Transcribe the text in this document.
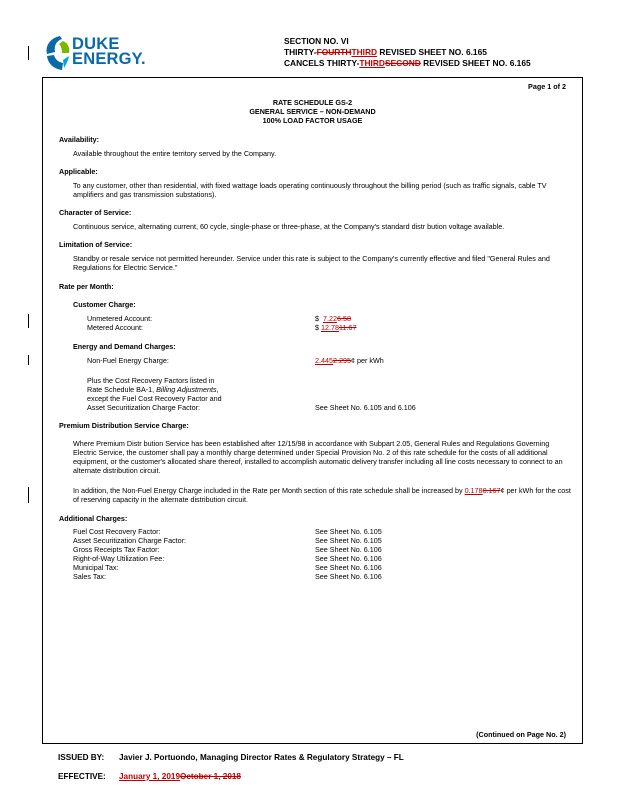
DUKE
ENERGY.
SECTION NO. VI
THIRTY-FOURTHTHIRD REVISED SHEET NO. 6.165
CANCELS THIRTY-THIRDSECOND REVISED SHEET NO. 6.165
Page 1 of 2
RATE SCHEDULE GS-2
GENERAL SERVICE – NON-DEMAND
100% LOAD FACTOR USAGE
Availability:
Available throughout the entire territory served by the Company.
Applicable:
To any customer, other than residential, with fixed wattage loads operating continuously throughout the billing period (such as traffic signals, cable TV amplifiers and gas transmission substations).
Character of Service:
Continuous service, alternating current, 60 cycle, single-phase or three-phase, at the Company's standard distr bution voltage available.
Limitation of Service:
Standby or resale service not permitted hereunder. Service under this rate is subject to the Company's currently effective and filed "General Rules and Regulations for Electric Service."
Rate per Month:
Customer Charge:
Unmetered Account:	$ 7.226.58
Metered Account:	$ 12.7811.67
Energy and Demand Charges:
Non-Fuel Energy Charge:	2.4452.295¢ per kWh
Plus the Cost Recovery Factors listed in
Rate Schedule BA-1, Billing Adjustments,
except the Fuel Cost Recovery Factor and
Asset Securitization Charge Factor:	See Sheet No. 6.105 and 6.106
Premium Distribution Service Charge:
Where Premium Distr bution Service has been established after 12/15/98 in accordance with Subpart 2.05, General Rules and Regulations Governing Electric Service, the customer shall pay a monthly charge determined under Special Provision No. 2 of this rate schedule for the costs of all additional equipment, or the customer's allocated share thereof, installed to accomplish automatic delivery transfer including all line costs necessary to connect to an alternate distribution circuit.
In addition, the Non-Fuel Energy Charge included in the Rate per Month section of this rate schedule shall be increased by 0.1780.167¢ per kWh for the cost of reserving capacity in the alternate distribution circuit.
Additional Charges:
Fuel Cost Recovery Factor:	See Sheet No. 6.105
Asset Securitization Charge Factor:	See Sheet No. 6.105
Gross Receipts Tax Factor:	See Sheet No. 6.106
Right-of-Way Utilization Fee:	See Sheet No. 6.106
Municipal Tax:	See Sheet No. 6.106
Sales Tax:	See Sheet No. 6.106
(Continued on Page No. 2)
ISSUED BY: Javier J. Portuondo, Managing Director Rates & Regulatory Strategy – FL
EFFECTIVE: January 1, 2019October 1, 2018
